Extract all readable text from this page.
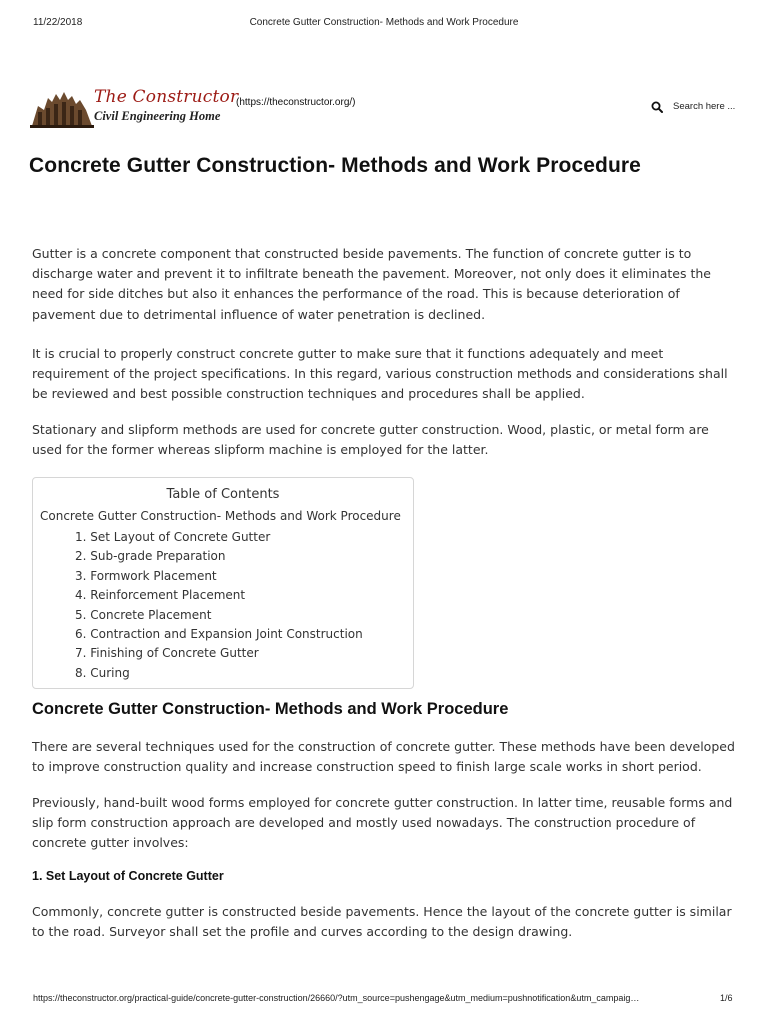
11/22/2018	Concrete Gutter Construction- Methods and Work Procedure
The Constructor
Civil Engineering Home
(https://theconstructor.org/)	Search here ...
Concrete Gutter Construction- Methods and Work Procedure

Gutter is a concrete component that constructed beside pavements. The function of concrete gutter is to discharge water and prevent it to infiltrate beneath the pavement. Moreover, not only does it eliminates the need for side ditches but also it enhances the performance of the road. This is because deterioration of pavement due to detrimental influence of water penetration is declined.

It is crucial to properly construct concrete gutter to make sure that it functions adequately and meet requirement of the project specifications. In this regard, various construction methods and considerations shall be reviewed and best possible construction techniques and procedures shall be applied.

Stationary and slipform methods are used for concrete gutter construction. Wood, plastic, or metal form are used for the former whereas slipform machine is employed for the latter.

Table of Contents
Concrete Gutter Construction- Methods and Work Procedure
1. Set Layout of Concrete Gutter
2. Sub-grade Preparation
3. Formwork Placement
4. Reinforcement Placement
5. Concrete Placement
6. Contraction and Expansion Joint Construction
7. Finishing of Concrete Gutter
8. Curing
Concrete Gutter Construction- Methods and Work Procedure

There are several techniques used for the construction of concrete gutter. These methods have been developed to improve construction quality and increase construction speed to finish large scale works in short period.

Previously, hand-built wood forms employed for concrete gutter construction. In latter time, reusable forms and slip form construction approach are developed and mostly used nowadays. The construction procedure of concrete gutter involves:

1. Set Layout of Concrete Gutter

Commonly, concrete gutter is constructed beside pavements. Hence the layout of the concrete gutter is similar to the road. Surveyor shall set the profile and curves according to the design drawing.

https://theconstructor.org/practical-guide/concrete-gutter-construction/26660/?utm_source=pushengage&utm_medium=pushnotification&utm_campaig…	1/6
